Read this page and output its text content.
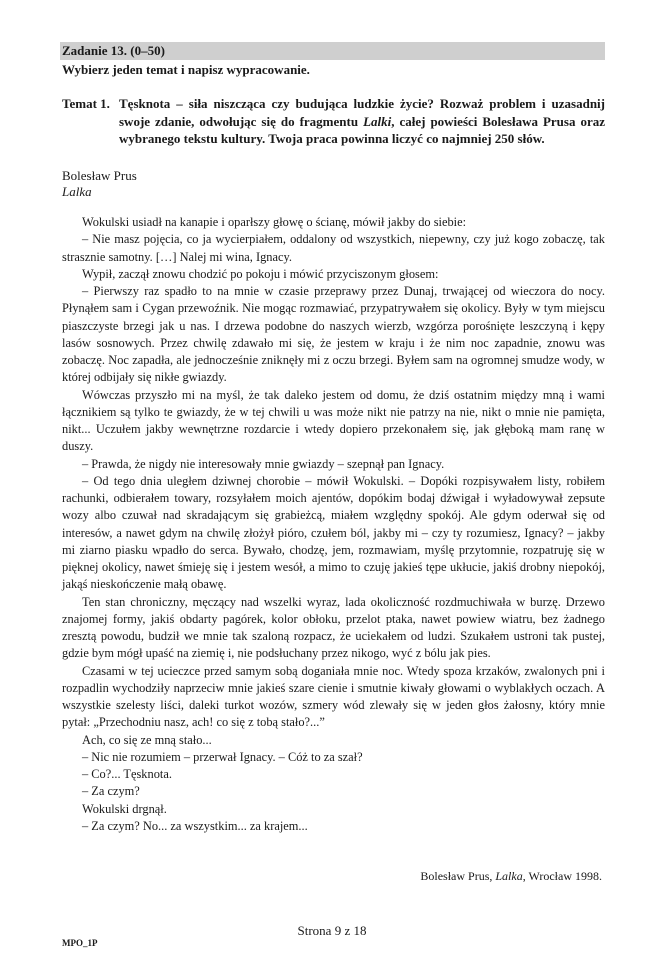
Zadanie 13. (0–50)
Wybierz jeden temat i napisz wypracowanie.
Temat 1. Tęsknota – siła niszcząca czy budująca ludzkie życie? Rozważ problem i uzasadnij swoje zdanie, odwołując się do fragmentu Lalki, całej powieści Bolesława Prusa oraz wybranego tekstu kultury. Twoja praca powinna liczyć co najmniej 250 słów.
Bolesław Prus
Lalka

Wokulski usiadł na kanapie i oparłszy głowę o ścianę, mówił jakby do siebie:

– Nie masz pojęcia, co ja wycierpiałem, oddalony od wszystkich, niepewny, czy już kogo zobaczę, tak strasznie samotny. […] Nalej mi wina, Ignacy.

Wypił, zaczął znowu chodzić po pokoju i mówić przyciszonym głosem:

– Pierwszy raz spadło to na mnie w czasie przeprawy przez Dunaj, trwającej od wieczora do nocy. Płynąłem sam i Cygan przewoźnik. Nie mogąc rozmawiać, przypatrywałem się okolicy. Były w tym miejscu piaszczyste brzegi jak u nas. I drzewa podobne do naszych wierzb, wzgórza porośnięte leszczyną i kępy lasów sosnowych. Przez chwilę zdawało mi się, że jestem w kraju i że nim noc zapadnie, znowu was zobaczę. Noc zapadła, ale jednocześnie zniknęły mi z oczu brzegi. Byłem sam na ogromnej smudze wody, w której odbijały się nikłe gwiazdy.

Wówczas przyszło mi na myśl, że tak daleko jestem od domu, że dziś ostatnim między mną i wami łącznikiem są tylko te gwiazdy, że w tej chwili u was może nikt nie patrzy na nie, nikt o mnie nie pamięta, nikt... Uczułem jakby wewnętrzne rozdarcie i wtedy dopiero przekonałem się, jak głęboką mam ranę w duszy.

– Prawda, że nigdy nie interesowały mnie gwiazdy – szepnął pan Ignacy.

– Od tego dnia uległem dziwnej chorobie – mówił Wokulski. – Dopóki rozpisywałem listy, robiłem rachunki, odbierałem towary, rozsyłałem moich ajentów, dopókim bodaj dźwigał i wyładowywał zepsute wozy albo czuwał nad skradającym się grabieżcą, miałem względny spokój. Ale gdym oderwał się od interesów, a nawet gdym na chwilę złożył pióro, czułem ból, jakby mi – czy ty rozumiesz, Ignacy? – jakby mi ziarno piasku wpadło do serca. Bywało, chodzę, jem, rozmawiam, myślę przytomnie, rozpatruję się w pięknej okolicy, nawet śmieję się i jestem wesół, a mimo to czuję jakieś tępe ukłucie, jakiś drobny niepokój, jakąś nieskończenie małą obawę.

Ten stan chroniczny, męczący nad wszelki wyraz, lada okoliczność rozdmuchiwała w burzę. Drzewo znajomej formy, jakiś obdarty pagórek, kolor obłoku, przelot ptaka, nawet powiew wiatru, bez żadnego zresztą powodu, budził we mnie tak szaloną rozpacz, że uciekałem od ludzi. Szukałem ustroni tak pustej, gdzie bym mógł upaść na ziemię i, nie podsłuchany przez nikogo, wyć z bólu jak pies.

Czasami w tej ucieczce przed samym sobą doganiała mnie noc. Wtedy spoza krzaków, zwalonych pni i rozpadlin wychodziły naprzeciw mnie jakieś szare cienie i smutnie kiwały głowami o wyblakłych oczach. A wszystkie szelesty liści, daleki turkot wozów, szmery wód zlewały się w jeden głos żałosny, który mnie pytał: „Przechodniu nasz, ach! co się z tobą stało?...”

Ach, co się ze mną stało...

– Nic nie rozumiem – przerwał Ignacy. – Cóż to za szał?

– Co?... Tęsknota.

– Za czym?

Wokulski drgnął.

– Za czym? No... za wszystkim... za krajem...

Bolesław Prus, Lalka, Wrocław 1998.
Strona 9 z 18
MPO_1P
